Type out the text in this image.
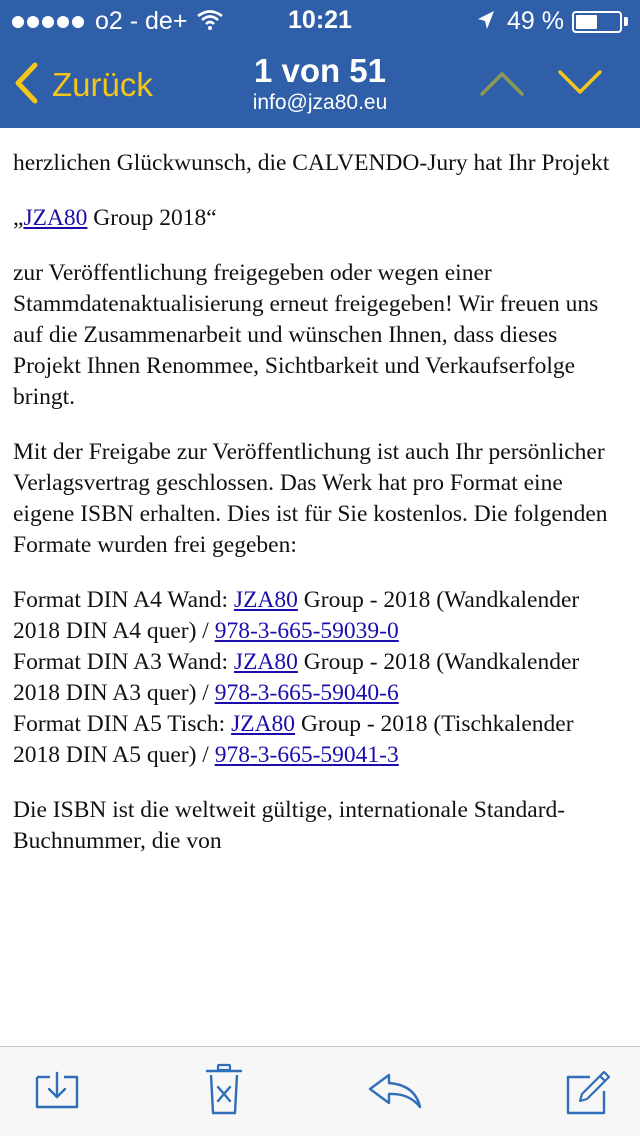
o2 - de+	10:21	49 %
Zurück	1 von 51
info@jza80.eu

herzlichen Glückwunsch, die CALVENDO-Jury hat Ihr Projekt

„JZA80 Group 2018“

zur Veröffentlichung freigegeben oder wegen einer Stammdatenaktualisierung erneut freigegeben! Wir freuen uns auf die Zusammenarbeit und wünschen Ihnen, dass dieses Projekt Ihnen Renommee, Sichtbarkeit und Verkaufserfolge bringt.

Mit der Freigabe zur Veröffentlichung ist auch Ihr persönlicher Verlagsvertrag geschlossen. Das Werk hat pro Format eine eigene ISBN erhalten. Dies ist für Sie kostenlos. Die folgenden Formate wurden frei gegeben:

Format DIN A4 Wand: JZA80 Group - 2018 (Wandkalender 2018 DIN A4 quer) / 978-3-665-59039-0
Format DIN A3 Wand: JZA80 Group - 2018 (Wandkalender 2018 DIN A3 quer) / 978-3-665-59040-6
Format DIN A5 Tisch: JZA80 Group - 2018 (Tischkalender 2018 DIN A5 quer) / 978-3-665-59041-3

Die ISBN ist die weltweit gültige, internationale Standard-Buchnummer, die von
